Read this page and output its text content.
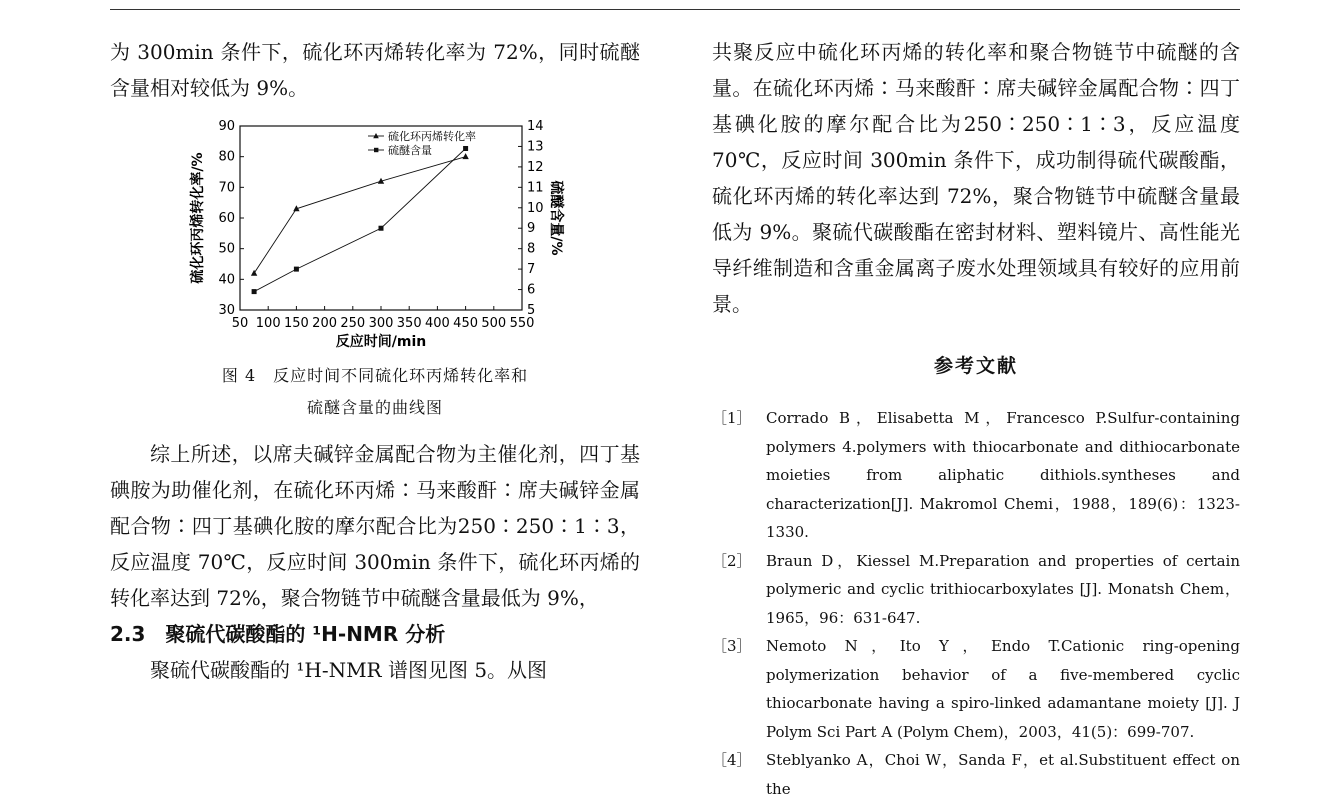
为 300min 条件下，硫化环丙烯转化率为 72%，同时硫醚含量相对较低为 9%。

50 100 150 200 250 300 350 400 450 500 550
30
40
50
60
70
80
90
5
6
7
8
9
10
11
12
13
14
反应时间/min
硫化环丙烯转化率/%	硫醚含量/%
硫化环丙烯转化率
硫醚含量
图 4　反应时间不同硫化环丙烯转化率和
硫醚含量的曲线图

综上所述，以席夫碱锌金属配合物为主催化剂，四丁基碘胺为助催化剂，在硫化环丙烯∶马来酸酐∶席夫碱锌金属配合物∶四丁基碘化胺的摩尔配合比为250∶250∶1∶3，反应温度 70℃，反应时间 300min 条件下，硫化环丙烯的转化率达到 72%，聚合物链节中硫醚含量最低为 9%，

2.3　聚硫代碳酸酯的 ¹H-NMR 分析

聚硫代碳酸酯的 ¹H-NMR 谱图见图 5。从图

共聚反应中硫化环丙烯的转化率和聚合物链节中硫醚的含量。在硫化环丙烯∶马来酸酐∶席夫碱锌金属配合物∶四丁基碘化胺的摩尔配合比为250∶250∶1∶3，反应温度 70℃，反应时间 300min 条件下，成功制得硫代碳酸酯，硫化环丙烯的转化率达到 72%，聚合物链节中硫醚含量最低为 9%。聚硫代碳酸酯在密封材料、塑料镜片、高性能光导纤维制造和含重金属离子废水处理领域具有较好的应用前景。

参考文献
［1］ Corrado B，Elisabetta M，Francesco P.Sulfur-containing polymers 4.polymers with thiocarbonate and dithiocarbonate moieties from aliphatic dithiols.syntheses and characterization[J]. Makromol Chemi，1988，189(6)：1323-1330.
［2］ Braun D，Kiessel M.Preparation and properties of certain polymeric and cyclic trithiocarboxylates [J]. Monatsh Chem，1965，96：631-647.
［3］ Nemoto N，Ito Y，Endo T.Cationic ring-opening polymerization behavior of a five-membered cyclic thiocarbonate having a spiro-linked adamantane moiety [J]. J Polym Sci Part A (Polym Chem)，2003，41(5)：699-707.
［4］ Steblyanko A，Choi W，Sanda F，et al.Substituent effect on the
